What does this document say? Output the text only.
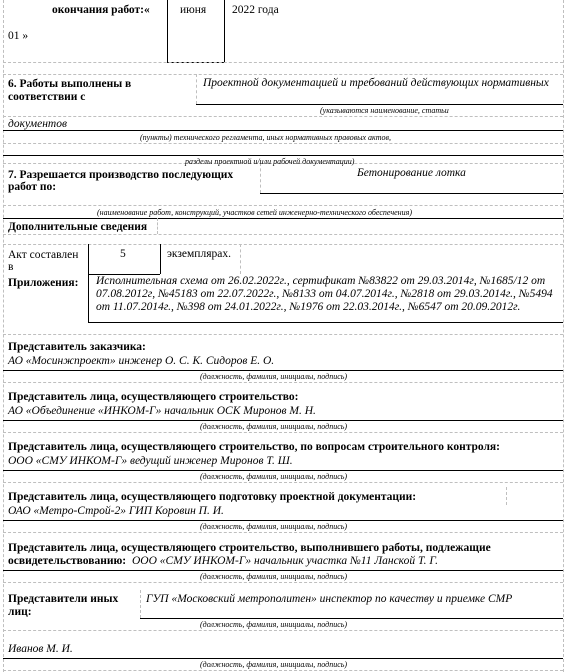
окончания работ:«	июня 2022 года
01 »
6. Работы выполнены в
соответствии с
Проектной документацией и требований действующих нормативных
(указываются наименование, статьи
документов
(пункты) технического регламента, иных нормативных правовых актов,
разделы проектной и/или рабочей документации)
7. Разрешается производство последующих
работ по:
Бетонирование лотка
(наименование работ, конструкций, участков сетей инженерно-технического обеспечения)
Дополнительные сведения
Акт составлен
в
5	экземплярах.
Приложения: Исполнительная схема от 26.02.2022г., сертификат №83822 от 29.03.2014г, №1685/12 от 07.08.2012г, №45183 от 22.07.2022г., №8133 от 04.07.2014г., №2818 от 29.03.2014г., №5494 от 11.07.2014г., №398 от 24.01.2022г., №1976 от 22.03.2014г., №6547 от 20.09.2012г.
Представитель заказчика:
АО «Мосинжпроект» инженер О. С. К. Сидоров Е. О.
(должность, фамилия, инициалы, подпись)
Представитель лица, осуществляющего строительство:
АО «Объединение «ИНКОМ-Г» начальник ОСК Миронов М. Н.
(должность, фамилия, инициалы, подпись)
Представитель лица, осуществляющего строительство, по вопросам строительного контроля:
ООО «СМУ ИНКОМ-Г» ведущий инженер Миронов Т. Ш.
(должность, фамилия, инициалы, подпись)
Представитель лица, осуществляющего подготовку проектной документации:
ОАО «Метро-Строй-2» ГИП Коровин П. И.
(должность, фамилия, инициалы, подпись)
Представитель лица, осуществляющего строительство, выполнившего работы, подлежащие
освидетельствованию: ООО «СМУ ИНКОМ-Г» начальник участка №11 Ланской Т. Г.
(должность, фамилия, инициалы, подпись)
Представители иных
лиц:
ГУП «Московский метрополитен» инспектор по качеству и приемке СМР
(должность, фамилия, инициалы, подпись)
Иванов М. И.
(должность, фамилия, инициалы, подпись)
